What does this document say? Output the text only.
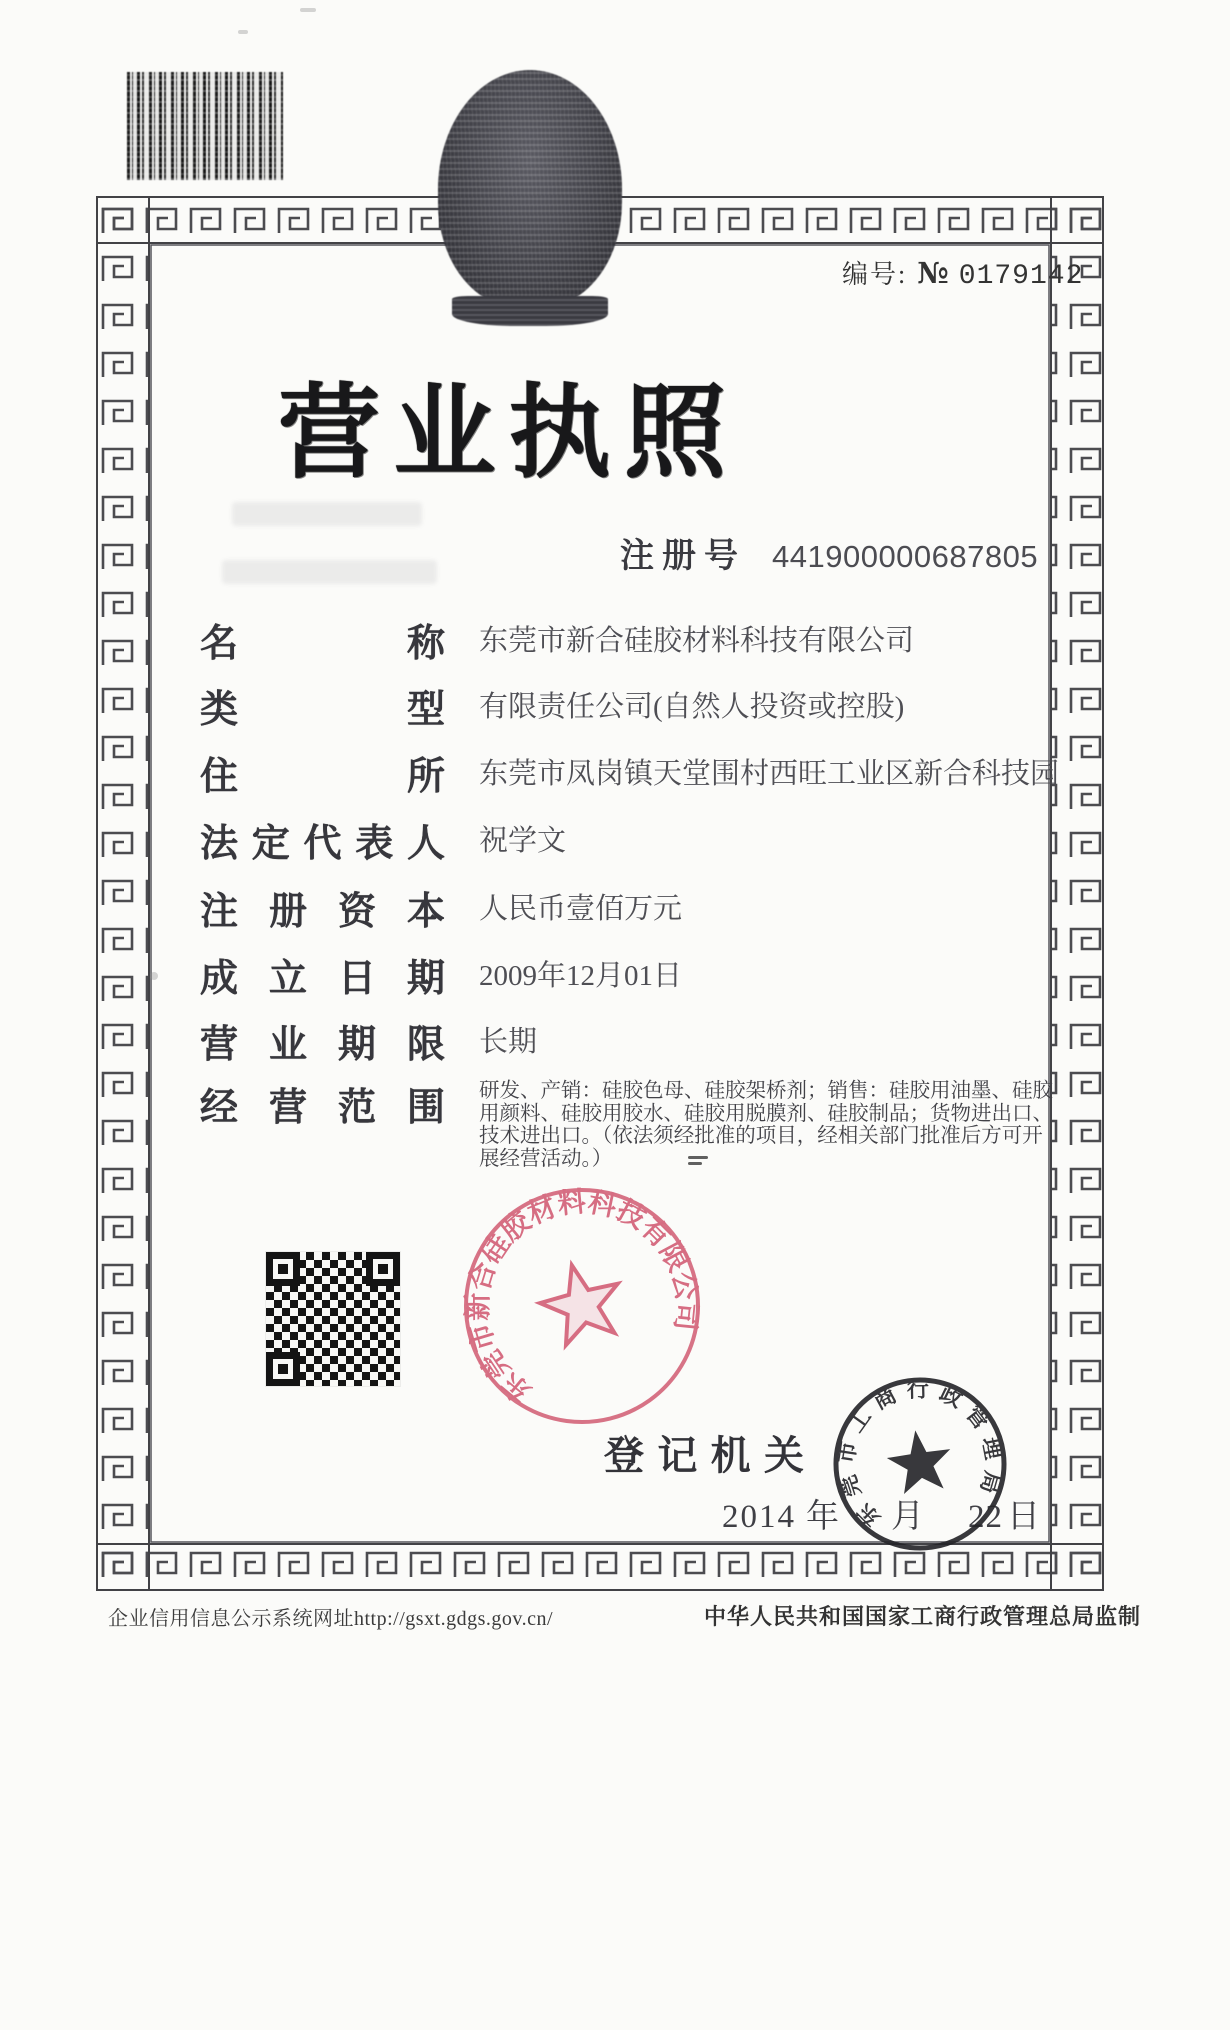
编号: № 0179142
营 业 执 照
注 册 号 441900000687805
名	称 东莞市新合硅胶材料科技有限公司
类	型 有限责任公司(自然人投资或控股)
住	所 东莞市凤岗镇天堂围村西旺工业区新合科技园
法 定 代 表 人 祝学文
注 册 资 本 人民币壹佰万元
成 立 日 期 2009年12月01日
营 业 期 限 长期
经 营 范 围 研发、产销：硅胶色母、硅胶架桥剂；销售：硅胶用油墨、硅胶用颜料、硅胶用胶水、硅胶用脱膜剂、硅胶制品；货物进出口、技术进出口。（依法须经批准的项目，经相关部门批准后方可开展经营活动。）
东莞市新合硅胶材料科技有限公司
登 记 机 关
2014 年 月 22 日
东莞市工商行政管理局
企业信用信息公示系统网址http://gsxt.gdgs.gov.cn/	中华人民共和国国家工商行政管理总局监制
